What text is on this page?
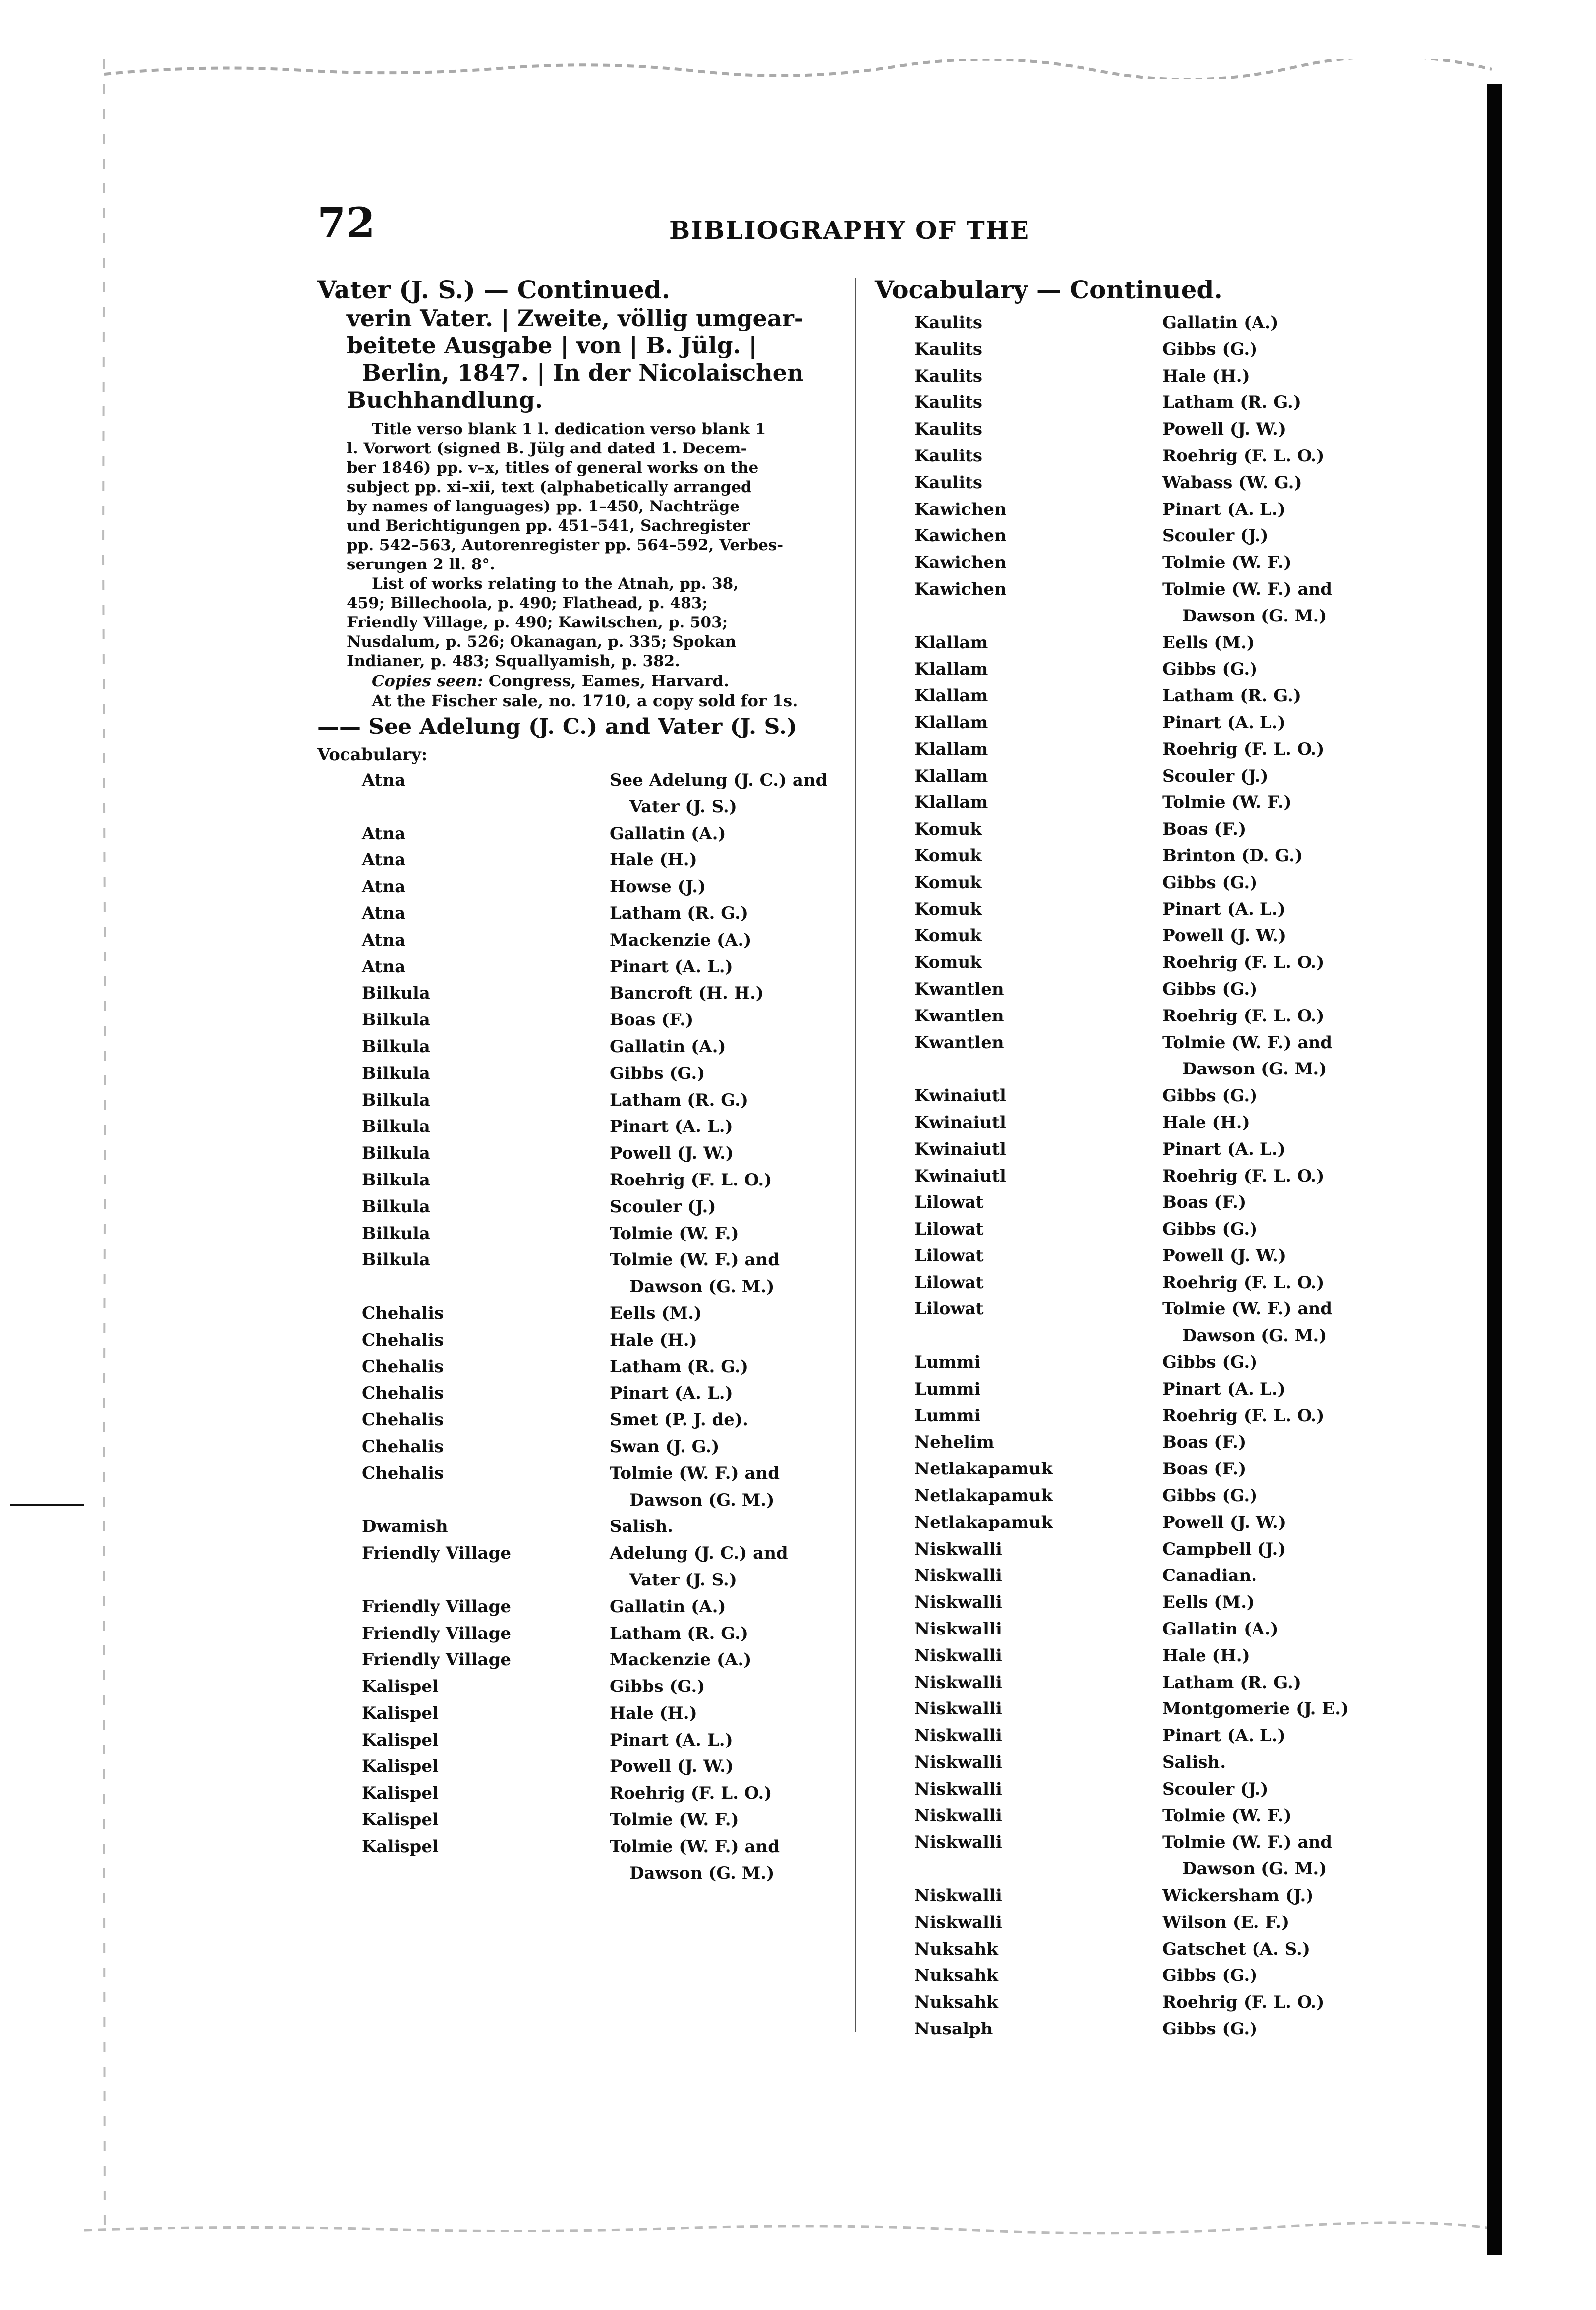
72	BIBLIOGRAPHY OF THE
Vater (J. S.) — Continued.
verin Vater. | Zweite, völlig umgear-
beitete Ausgabe | von | B. Jülg. |
Berlin, 1847. | In der Nicolaischen
Buchhandlung.
Title verso blank 1 l. dedication verso blank 1
l. Vorwort (signed B. Jülg and dated 1. Decem-
ber 1846) pp. v–x, titles of general works on the
subject pp. xi–xii, text (alphabetically arranged
by names of languages) pp. 1–450, Nachträge
und Berichtigungen pp. 451–541, Sachregister
pp. 542–563, Autorenregister pp. 564–592, Verbes-
serungen 2 ll. 8°.
List of works relating to the Atnah, pp. 38,
459; Billechoola, p. 490; Flathead, p. 483;
Friendly Village, p. 490; Kawitschen, p. 503;
Nusdalum, p. 526; Okanagan, p. 335; Spokan
Indianer, p. 483; Squallyamish, p. 382.
Copies seen: Congress, Eames, Harvard.
At the Fischer sale, no. 1710, a copy sold for 1s.
—— See Adelung (J. C.) and Vater (J. S.)
Vocabulary:
Atna	See Adelung (J. C.) and
Vater (J. S.)
Atna	Gallatin (A.)
Atna	Hale (H.)
Atna	Howse (J.)
Atna	Latham (R. G.)
Atna	Mackenzie (A.)
Atna	Pinart (A. L.)
Bilkula	Bancroft (H. H.)
Bilkula	Boas (F.)
Bilkula	Gallatin (A.)
Bilkula	Gibbs (G.)
Bilkula	Latham (R. G.)
Bilkula	Pinart (A. L.)
Bilkula	Powell (J. W.)
Bilkula	Roehrig (F. L. O.)
Bilkula	Scouler (J.)
Bilkula	Tolmie (W. F.)
Bilkula	Tolmie (W. F.) and
Dawson (G. M.)
Chehalis	Eells (M.)
Chehalis	Hale (H.)
Chehalis	Latham (R. G.)
Chehalis	Pinart (A. L.)
Chehalis	Smet (P. J. de).
Chehalis	Swan (J. G.)
Chehalis	Tolmie (W. F.) and
Dawson (G. M.)
Dwamish	Salish.
Friendly Village	Adelung (J. C.) and
Vater (J. S.)
Friendly Village	Gallatin (A.)
Friendly Village	Latham (R. G.)
Friendly Village	Mackenzie (A.)
Kalispel	Gibbs (G.)
Kalispel	Hale (H.)
Kalispel	Pinart (A. L.)
Kalispel	Powell (J. W.)
Kalispel	Roehrig (F. L. O.)
Kalispel	Tolmie (W. F.)
Kalispel	Tolmie (W. F.) and
Dawson (G. M.)
Vocabulary — Continued.
Kaulits	Gallatin (A.)
Kaulits	Gibbs (G.)
Kaulits	Hale (H.)
Kaulits	Latham (R. G.)
Kaulits	Powell (J. W.)
Kaulits	Roehrig (F. L. O.)
Kaulits	Wabass (W. G.)
Kawichen	Pinart (A. L.)
Kawichen	Scouler (J.)
Kawichen	Tolmie (W. F.)
Kawichen	Tolmie (W. F.) and
Dawson (G. M.)
Klallam	Eells (M.)
Klallam	Gibbs (G.)
Klallam	Latham (R. G.)
Klallam	Pinart (A. L.)
Klallam	Roehrig (F. L. O.)
Klallam	Scouler (J.)
Klallam	Tolmie (W. F.)
Komuk	Boas (F.)
Komuk	Brinton (D. G.)
Komuk	Gibbs (G.)
Komuk	Pinart (A. L.)
Komuk	Powell (J. W.)
Komuk	Roehrig (F. L. O.)
Kwantlen	Gibbs (G.)
Kwantlen	Roehrig (F. L. O.)
Kwantlen	Tolmie (W. F.) and
Dawson (G. M.)
Kwinaiutl	Gibbs (G.)
Kwinaiutl	Hale (H.)
Kwinaiutl	Pinart (A. L.)
Kwinaiutl	Roehrig (F. L. O.)
Lilowat	Boas (F.)
Lilowat	Gibbs (G.)
Lilowat	Powell (J. W.)
Lilowat	Roehrig (F. L. O.)
Lilowat	Tolmie (W. F.) and
Dawson (G. M.)
Lummi	Gibbs (G.)
Lummi	Pinart (A. L.)
Lummi	Roehrig (F. L. O.)
Nehelim	Boas (F.)
Netlakapamuk	Boas (F.)
Netlakapamuk	Gibbs (G.)
Netlakapamuk	Powell (J. W.)
Niskwalli	Campbell (J.)
Niskwalli	Canadian.
Niskwalli	Eells (M.)
Niskwalli	Gallatin (A.)
Niskwalli	Hale (H.)
Niskwalli	Latham (R. G.)
Niskwalli	Montgomerie (J. E.)
Niskwalli	Pinart (A. L.)
Niskwalli	Salish.
Niskwalli	Scouler (J.)
Niskwalli	Tolmie (W. F.)
Niskwalli	Tolmie (W. F.) and
Dawson (G. M.)
Niskwalli	Wickersham (J.)
Niskwalli	Wilson (E. F.)
Nuksahk	Gatschet (A. S.)
Nuksahk	Gibbs (G.)
Nuksahk	Roehrig (F. L. O.)
Nusalph	Gibbs (G.)
